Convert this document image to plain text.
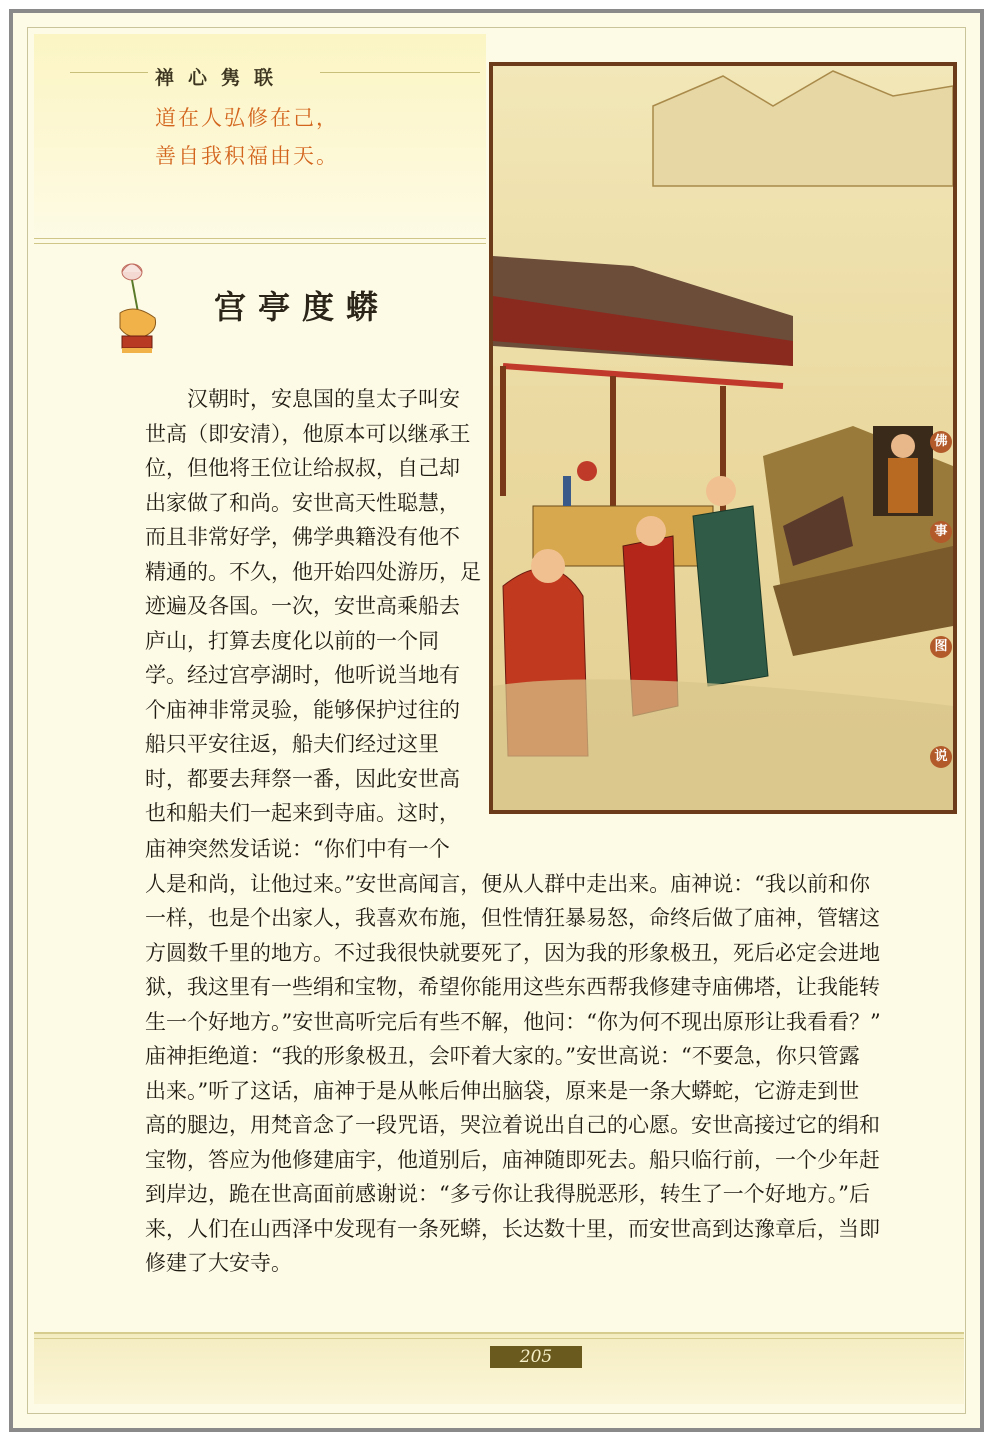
禅心隽联
道在人弘修在己，
善自我积福由天。
宫亭度蟒
佛
事
图
说
　　汉朝时，安息国的皇太子叫安
世高（即安清），他原本可以继承王
位，但他将王位让给叔叔，自己却
出家做了和尚。安世高天性聪慧，
而且非常好学，佛学典籍没有他不
精通的。不久，他开始四处游历，足
迹遍及各国。一次，安世高乘船去
庐山，打算去度化以前的一个同
学。经过宫亭湖时，他听说当地有
个庙神非常灵验，能够保护过往的
船只平安往返，船夫们经过这里
时，都要去拜祭一番，因此安世高
也和船夫们一起来到寺庙。这时，
庙神突然发话说：“你们中有一个
人是和尚，让他过来。”安世高闻言，便从人群中走出来。庙神说：“我以前和你
一样，也是个出家人，我喜欢布施，但性情狂暴易怒，命终后做了庙神，管辖这
方圆数千里的地方。不过我很快就要死了，因为我的形象极丑，死后必定会进地
狱，我这里有一些绢和宝物，希望你能用这些东西帮我修建寺庙佛塔，让我能转
生一个好地方。”安世高听完后有些不解，他问：“你为何不现出原形让我看看？”
庙神拒绝道：“我的形象极丑，会吓着大家的。”安世高说：“不要急，你只管露
出来。”听了这话，庙神于是从帐后伸出脑袋，原来是一条大蟒蛇，它游走到世
高的腿边，用梵音念了一段咒语，哭泣着说出自己的心愿。安世高接过它的绢和
宝物，答应为他修建庙宇，他道别后，庙神随即死去。船只临行前，一个少年赶
到岸边，跪在世高面前感谢说：“多亏你让我得脱恶形，转生了一个好地方。”后
来，人们在山西泽中发现有一条死蟒，长达数十里，而安世高到达豫章后，当即
修建了大安寺。
205
